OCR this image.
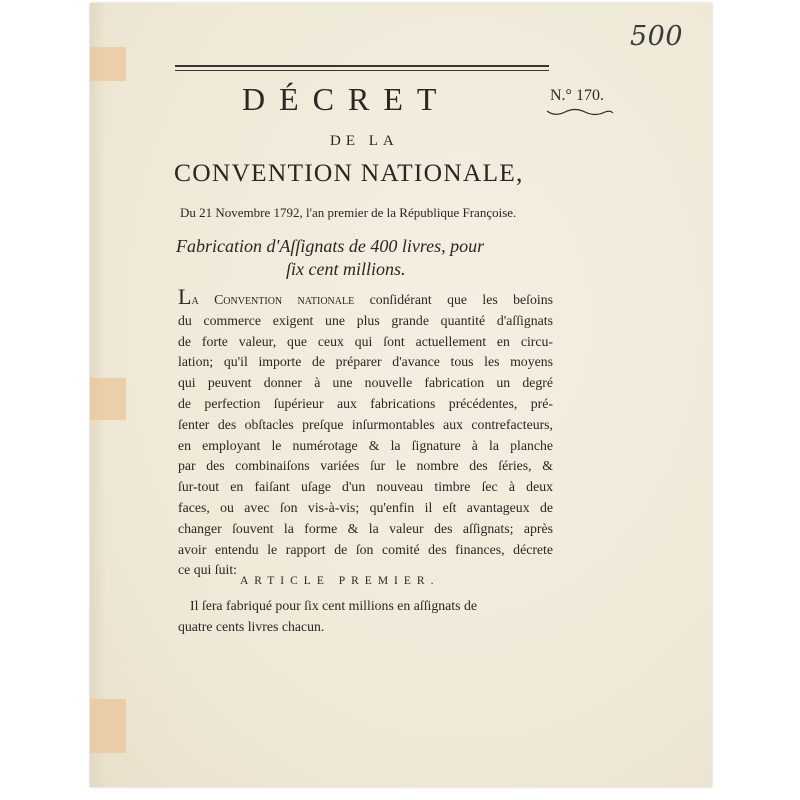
500
DÉCRET	N.° 170.
DE LA
CONVENTION NATIONALE,
Du 21 Novembre 1792, l'an premier de la République Françoise.
Fabrication d'Aſſignats de 400 livres, pour
ſix cent millions.
La Convention nationale conſidérant que les beſoins
du commerce exigent une plus grande quantité d'aſſignats
de forte valeur, que ceux qui ſont actuellement en circu-
lation; qu'il importe de préparer d'avance tous les moyens
qui peuvent donner à une nouvelle fabrication un degré
de perfection ſupérieur aux fabrications précédentes, pré-
ſenter des obſtacles preſque inſurmontables aux contrefacteurs,
en employant le numérotage & la ſignature à la planche
par des combinaiſons variées ſur le nombre des ſéries, &
ſur-tout en faiſant uſage d'un nouveau timbre ſec à deux
faces, ou avec ſon vis-à-vis; qu'enfin il eſt avantageux de
changer ſouvent la forme & la valeur des aſſignats; après
avoir entendu le rapport de ſon comité des finances, décrete
ce qui ſuit:
ARTICLE PREMIER.
Il ſera fabriqué pour ſix cent millions en aſſignats de
quatre cents livres chacun.
